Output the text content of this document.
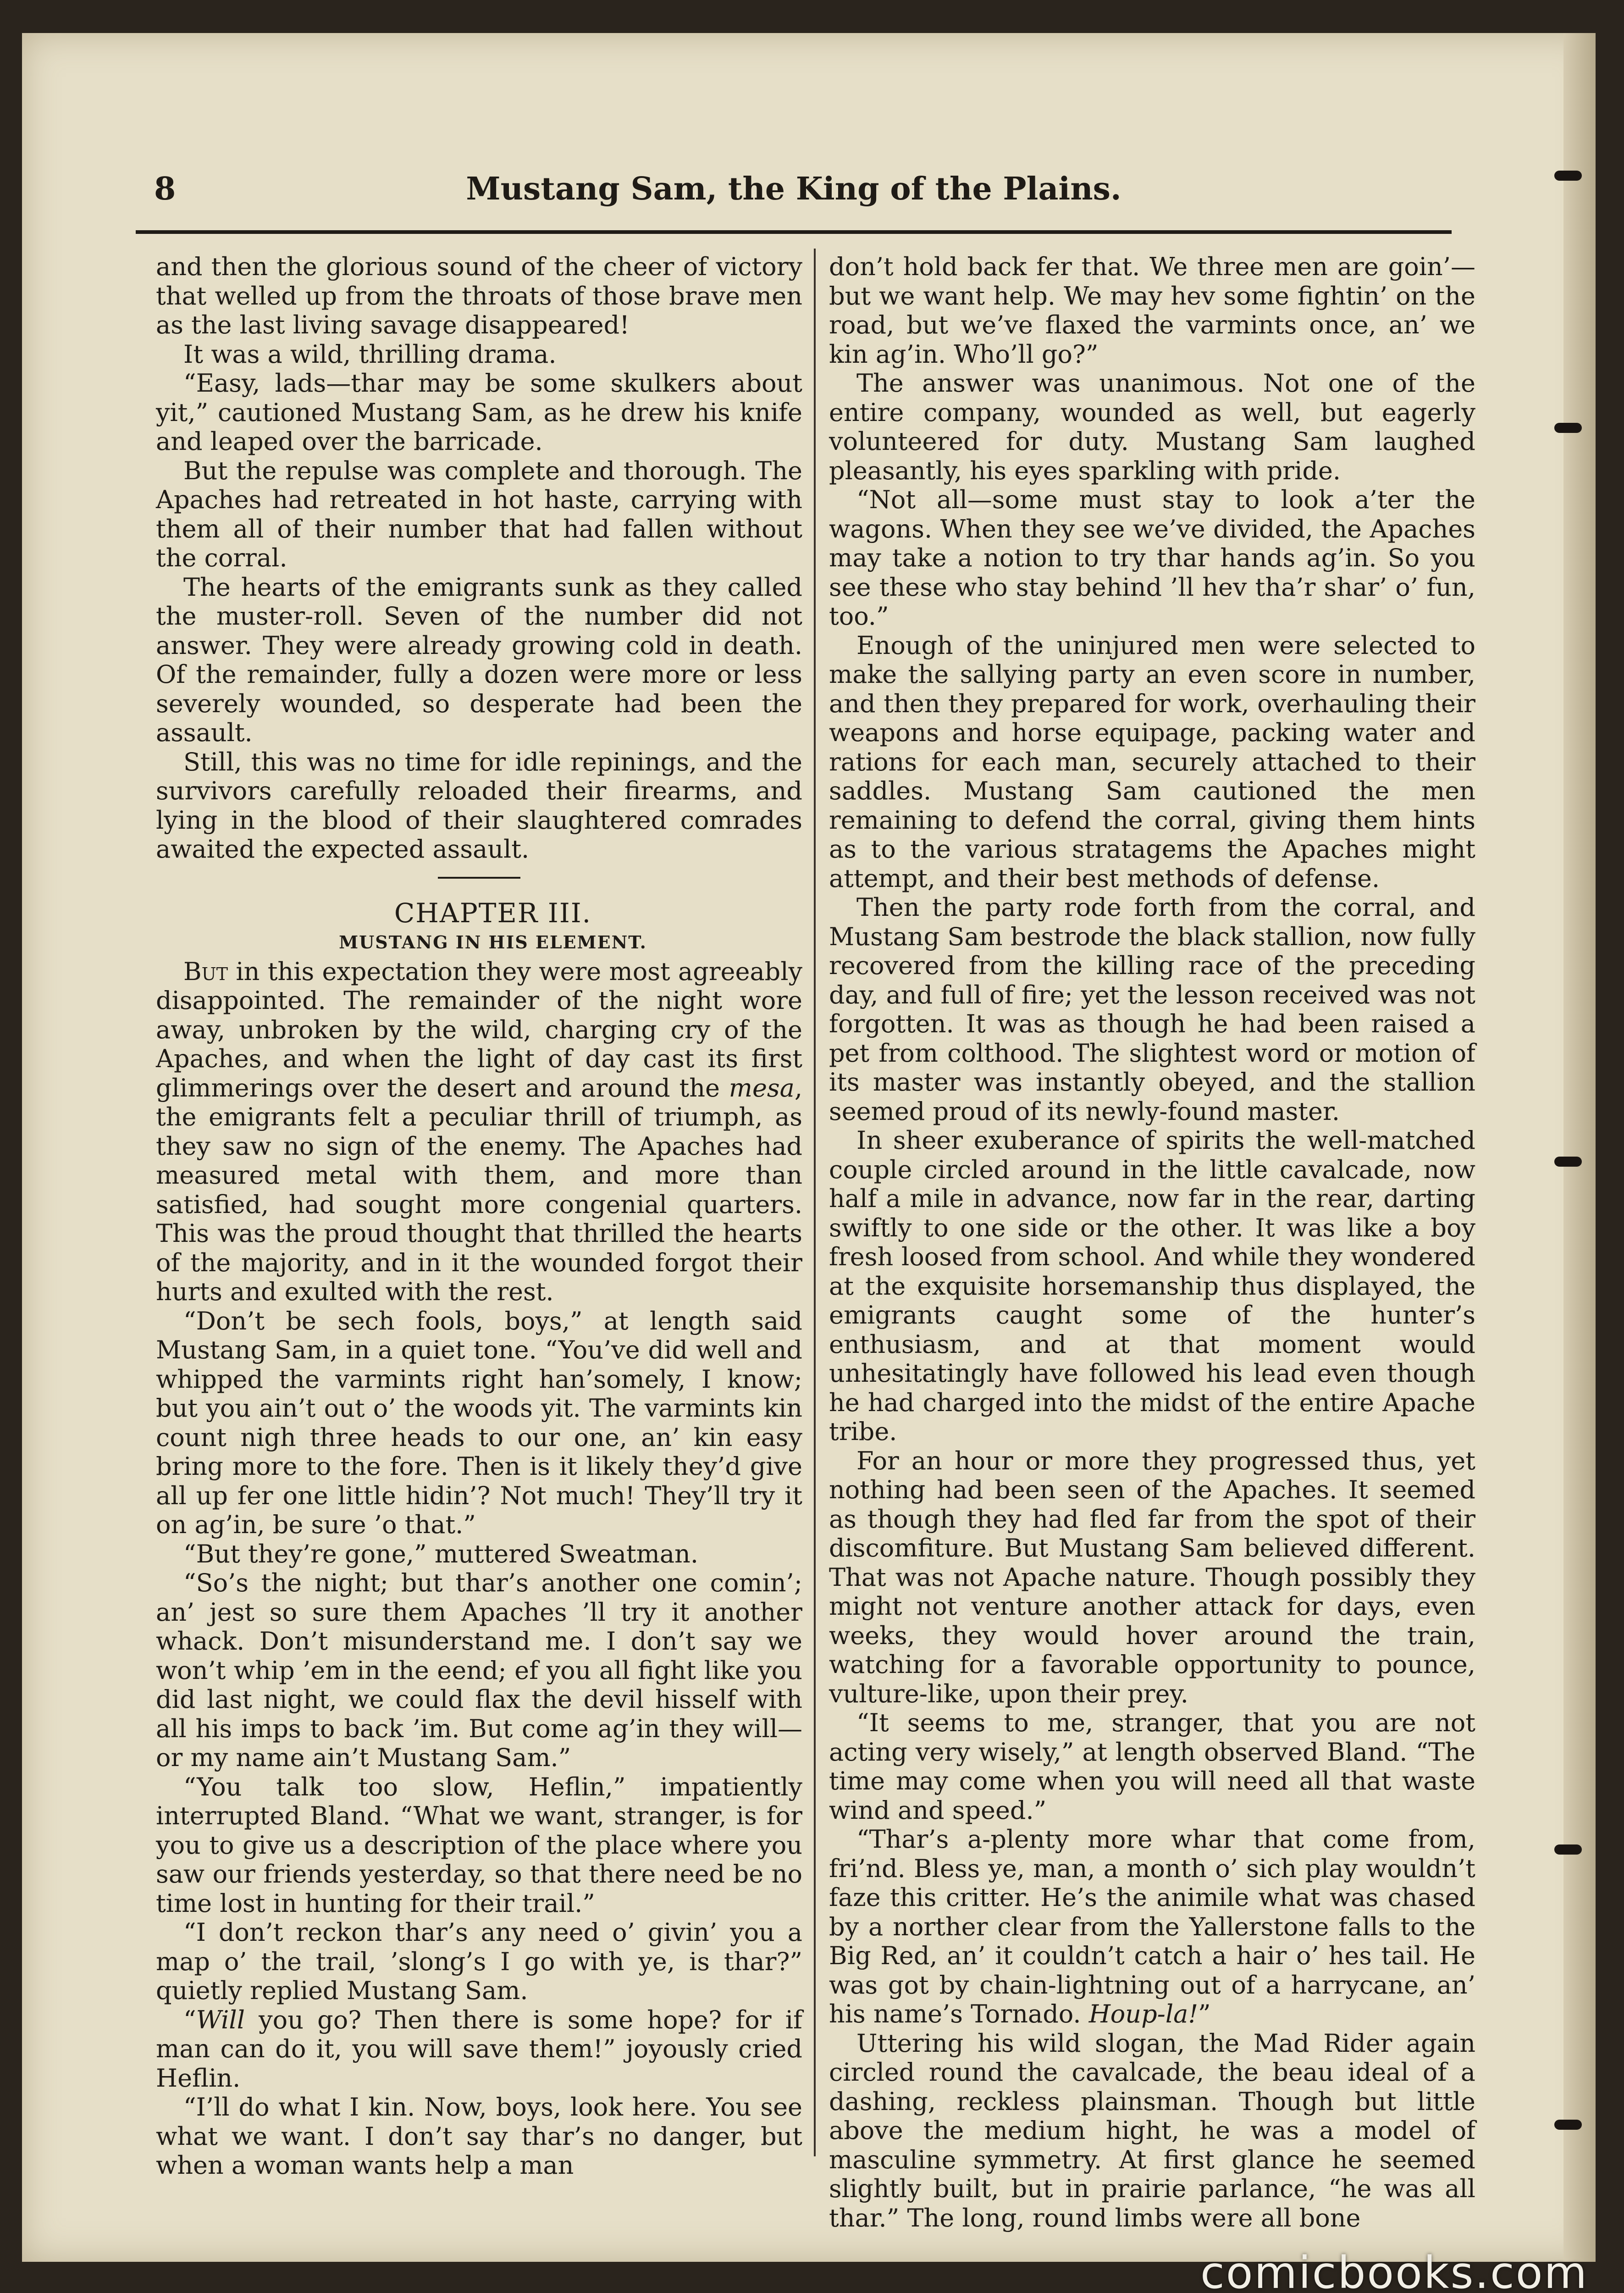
8	Mustang Sam, the King of the Plains.

and then the glorious sound of the cheer of victory that welled up from the throats of those brave men as the last living savage disappeared!

It was a wild, thrilling drama.

“Easy, lads—thar may be some skulkers about yit,” cautioned Mustang Sam, as he drew his knife and leaped over the barricade.

But the repulse was complete and thorough. The Apaches had retreated in hot haste, carrying with them all of their number that had fallen without the corral.

The hearts of the emigrants sunk as they called the muster-roll. Seven of the number did not answer. They were already growing cold in death. Of the remainder, fully a dozen were more or less severely wounded, so desperate had been the assault.

Still, this was no time for idle repinings, and the survivors carefully reloaded their firearms, and lying in the blood of their slaughtered comrades awaited the expected assault.

CHAPTER III.

MUSTANG IN HIS ELEMENT.

But in this expectation they were most agreeably disappointed. The remainder of the night wore away, unbroken by the wild, charging cry of the Apaches, and when the light of day cast its first glimmerings over the desert and around the mesa, the emigrants felt a peculiar thrill of triumph, as they saw no sign of the enemy. The Apaches had measured metal with them, and more than satisfied, had sought more congenial quarters. This was the proud thought that thrilled the hearts of the majority, and in it the wounded forgot their hurts and exulted with the rest.

“Don’t be sech fools, boys,” at length said Mustang Sam, in a quiet tone. “You’ve did well and whipped the varmints right han’somely, I know; but you ain’t out o’ the woods yit. The varmints kin count nigh three heads to our one, an’ kin easy bring more to the fore. Then is it likely they’d give all up fer one little hidin’? Not much! They’ll try it on ag’in, be sure ’o that.”

“But they’re gone,” muttered Sweatman.

“So’s the night; but thar’s another one comin’; an’ jest so sure them Apaches ’ll try it another whack. Don’t misunderstand me. I don’t say we won’t whip ’em in the eend; ef you all fight like you did last night, we could flax the devil hisself with all his imps to back ’im. But come ag’in they will—or my name ain’t Mustang Sam.”

“You talk too slow, Heflin,” impatiently interrupted Bland. “What we want, stranger, is for you to give us a description of the place where you saw our friends yesterday, so that there need be no time lost in hunting for their trail.”

“I don’t reckon thar’s any need o’ givin’ you a map o’ the trail, ’slong’s I go with ye, is thar?” quietly replied Mustang Sam.

“Will you go? Then there is some hope? for if man can do it, you will save them!” joyously cried Heflin.

“I’ll do what I kin. Now, boys, look here. You see what we want. I don’t say thar’s no danger, but when a woman wants help a man

don’t hold back fer that. We three men are goin’—but we want help. We may hev some fightin’ on the road, but we’ve flaxed the varmints once, an’ we kin ag’in. Who’ll go?”

The answer was unanimous. Not one of the entire company, wounded as well, but eagerly volunteered for duty. Mustang Sam laughed pleasantly, his eyes sparkling with pride.

“Not all—some must stay to look a’ter the wagons. When they see we’ve divided, the Apaches may take a notion to try thar hands ag’in. So you see these who stay behind ’ll hev tha’r shar’ o’ fun, too.”

Enough of the uninjured men were selected to make the sallying party an even score in number, and then they prepared for work, overhauling their weapons and horse equipage, packing water and rations for each man, securely attached to their saddles. Mustang Sam cautioned the men remaining to defend the corral, giving them hints as to the various stratagems the Apaches might attempt, and their best methods of defense.

Then the party rode forth from the corral, and Mustang Sam bestrode the black stallion, now fully recovered from the killing race of the preceding day, and full of fire; yet the lesson received was not forgotten. It was as though he had been raised a pet from colthood. The slightest word or motion of its master was instantly obeyed, and the stallion seemed proud of its newly-found master.

In sheer exuberance of spirits the well-matched couple circled around in the little cavalcade, now half a mile in advance, now far in the rear, darting swiftly to one side or the other. It was like a boy fresh loosed from school. And while they wondered at the exquisite horsemanship thus displayed, the emigrants caught some of the hunter’s enthusiasm, and at that moment would unhesitatingly have followed his lead even though he had charged into the midst of the entire Apache tribe.

For an hour or more they progressed thus, yet nothing had been seen of the Apaches. It seemed as though they had fled far from the spot of their discomfiture. But Mustang Sam believed different. That was not Apache nature. Though possibly they might not venture another attack for days, even weeks, they would hover around the train, watching for a favorable opportunity to pounce, vulture-like, upon their prey.

“It seems to me, stranger, that you are not acting very wisely,” at length observed Bland. “The time may come when you will need all that waste wind and speed.”

“Thar’s a-plenty more whar that come from, fri’nd. Bless ye, man, a month o’ sich play wouldn’t faze this critter. He’s the animile what was chased by a norther clear from the Yallerstone falls to the Big Red, an’ it couldn’t catch a hair o’ hes tail. He was got by chain-lightning out of a harrycane, an’ his name’s Tornado. Houp-la!”

Uttering his wild slogan, the Mad Rider again circled round the cavalcade, the beau ideal of a dashing, reckless plainsman. Though but little above the medium hight, he was a model of masculine symmetry. At first glance he seemed slightly built, but in prairie parlance, “he was all thar.” The long, round limbs were all bone

comicbooks.com
